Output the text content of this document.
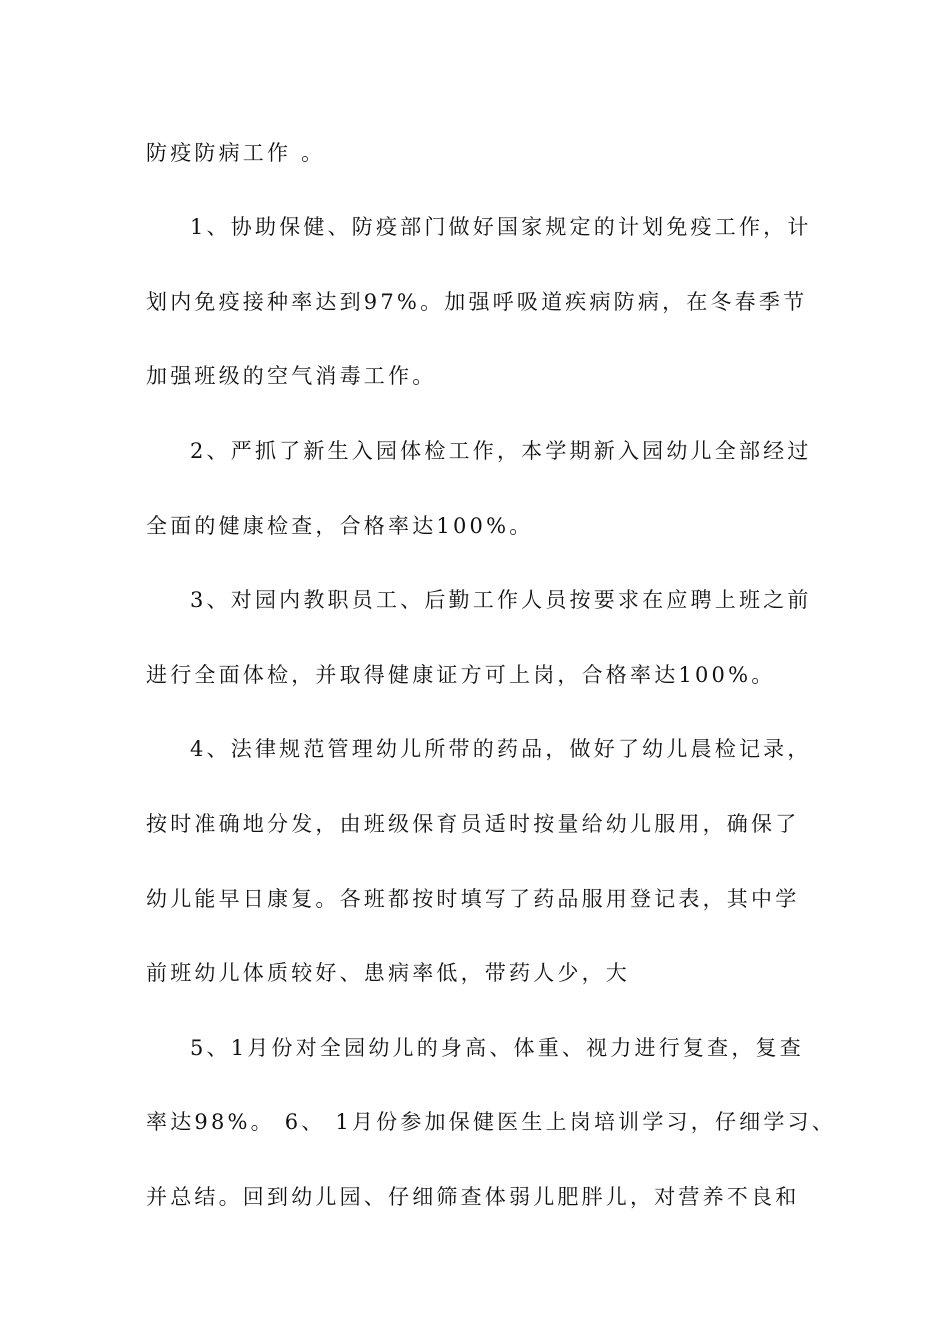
防疫防病工作 。
1、协助保健、防疫部门做好国家规定的计划免疫工作，计
划内免疫接种率达到97%。加强呼吸道疾病防病，在冬春季节
加强班级的空气消毒工作。
2、严抓了新生入园体检工作，本学期新入园幼儿全部经过
全面的健康检查，合格率达100%。
3、对园内教职员工、后勤工作人员按要求在应聘上班之前
进行全面体检，并取得健康证方可上岗，合格率达100%。
4、法律规范管理幼儿所带的药品，做好了幼儿晨检记录，
按时准确地分发，由班级保育员适时按量给幼儿服用，确保了
幼儿能早日康复。各班都按时填写了药品服用登记表，其中学
前班幼儿体质较好、患病率低，带药人少，大
5、1月份对全园幼儿的身高、体重、视力进行复查，复查
率达98%。 6、 1月份参加保健医生上岗培训学习，仔细学习、
并总结。回到幼儿园、仔细筛查体弱儿肥胖儿，对营养不良和
